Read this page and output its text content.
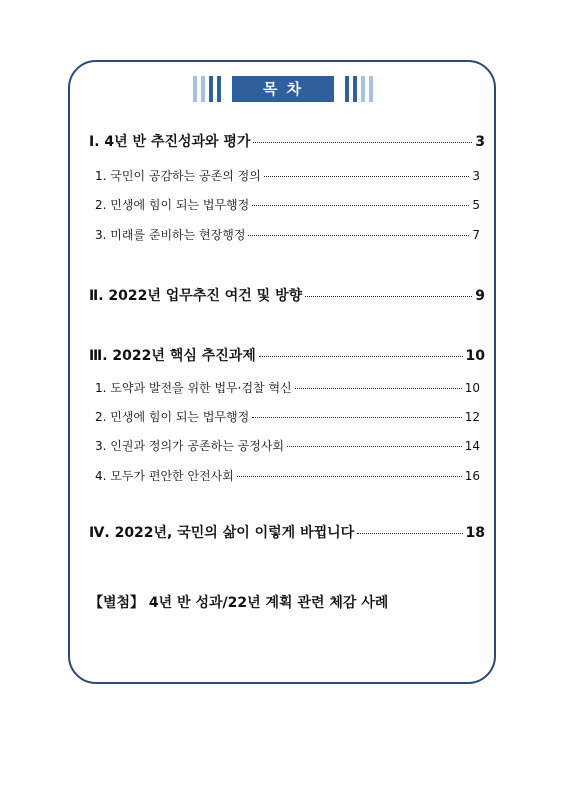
목 차
Ⅰ. 4년 반 추진성과와 평가	3
1. 국민이 공감하는 공존의 정의	3
2. 민생에 힘이 되는 법무행정	5
3. 미래를 준비하는 현장행정	7
Ⅱ. 2022년 업무추진 여건 및 방향	9
Ⅲ. 2022년 핵심 추진과제	10
1. 도약과 발전을 위한 법무·검찰 혁신	10
2. 민생에 힘이 되는 법무행정	12
3. 인권과 정의가 공존하는 공정사회	14
4. 모두가 편안한 안전사회	16
Ⅳ. 2022년, 국민의 삶이 이렇게 바뀝니다	18
【별첨】 4년 반 성과/22년 계획 관련 체감 사례
